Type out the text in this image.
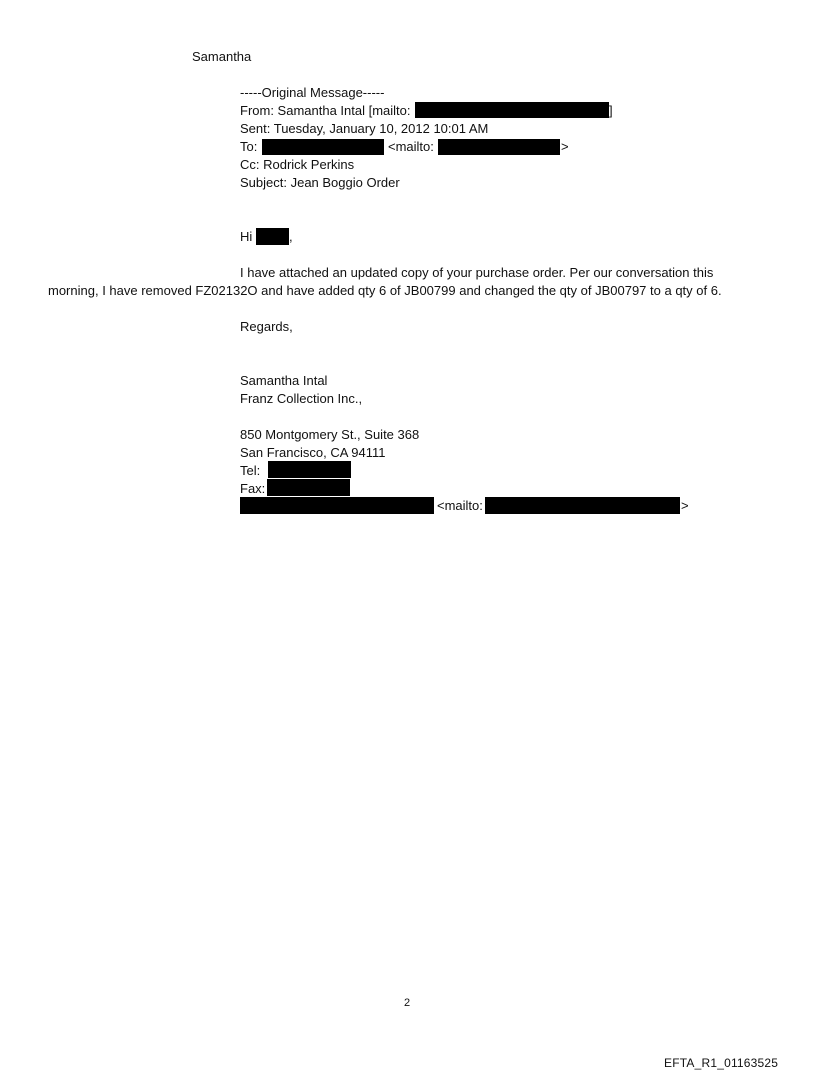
Samantha
-----Original Message-----
From: Samantha Intal [mailto:	]
Sent: Tuesday, January 10, 2012 10:01 AM
To:	<mailto:	>
Cc: Rodrick Perkins
Subject: Jean Boggio Order
Hi	,
I have attached an updated copy of your purchase order. Per our conversation this
morning, I have removed FZ02132O and have added qty 6 of JB00799 and changed the qty of JB00797 to a qty of 6.
Regards,
Samantha Intal
Franz Collection Inc.,
850 Montgomery St., Suite 368
San Francisco, CA 94111
Tel:
Fax:
<mailto:	>
2
EFTA_R1_01163525
